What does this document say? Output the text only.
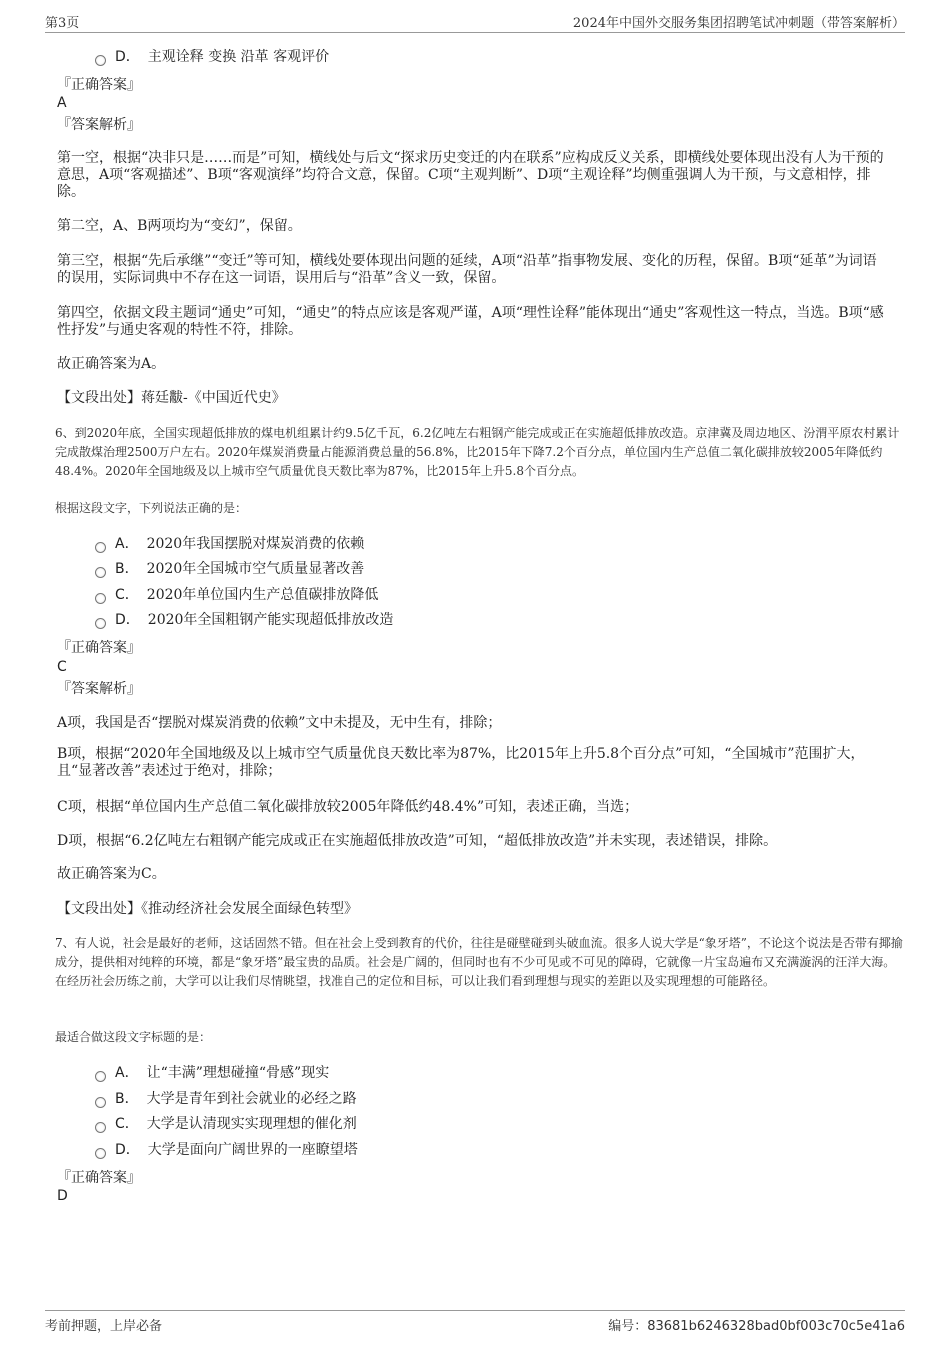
第3页	2024年中国外交服务集团招聘笔试冲刺题（带答案解析）
D． 主观诠释 变换 沿革 客观评价
『正确答案』
A
『答案解析』
第一空，根据“决非只是……而是”可知，横线处与后文“探求历史变迁的内在联系”应构成反义关系，即横线处要体现出没有人为干预的意思，A项“客观描述”、B项“客观演绎”均符合文意，保留。C项“主观判断”、D项“主观诠释”均侧重强调人为干预，与文意相悖，排除。
第二空，A、B两项均为“变幻”，保留。
第三空，根据“先后承继”“变迁”等可知，横线处要体现出问题的延续，A项“沿革”指事物发展、变化的历程，保留。B项“延革”为词语的误用，实际词典中不存在这一词语，误用后与“沿革”含义一致，保留。
第四空，依据文段主题词“通史”可知，“通史”的特点应该是客观严谨，A项“理性诠释”能体现出“通史”客观性这一特点，当选。B项“感性抒发”与通史客观的特性不符，排除。
故正确答案为A。
【文段出处】蒋廷黻-《中国近代史》
6、到2020年底，全国实现超低排放的煤电机组累计约9.5亿千瓦，6.2亿吨左右粗钢产能完成或正在实施超低排放改造。京津冀及周边地区、汾渭平原农村累计完成散煤治理2500万户左右。2020年煤炭消费量占能源消费总量的56.8%，比2015年下降7.2个百分点，单位国内生产总值二氧化碳排放较2005年降低约48.4%。2020年全国地级及以上城市空气质量优良天数比率为87%，比2015年上升5.8个百分点。
根据这段文字，下列说法正确的是：
A． 2020年我国摆脱对煤炭消费的依赖
B． 2020年全国城市空气质量显著改善
C． 2020年单位国内生产总值碳排放降低
D． 2020年全国粗钢产能实现超低排放改造
『正确答案』
C
『答案解析』
A项，我国是否“摆脱对煤炭消费的依赖”文中未提及，无中生有，排除；
B项，根据“2020年全国地级及以上城市空气质量优良天数比率为87%，比2015年上升5.8个百分点”可知，“全国城市”范围扩大，且“显著改善”表述过于绝对，排除；
C项，根据“单位国内生产总值二氧化碳排放较2005年降低约48.4%”可知，表述正确，当选；
D项，根据“6.2亿吨左右粗钢产能完成或正在实施超低排放改造”可知，“超低排放改造”并未实现，表述错误，排除。
故正确答案为C。
【文段出处】《推动经济社会发展全面绿色转型》
7、有人说，社会是最好的老师，这话固然不错。但在社会上受到教育的代价，往往是碰壁碰到头破血流。很多人说大学是“象牙塔”，不论这个说法是否带有揶揄成分，提供相对纯粹的环境，都是“象牙塔”最宝贵的品质。社会是广阔的，但同时也有不少可见或不可见的障碍，它就像一片宝岛遍布又充满漩涡的汪洋大海。在经历社会历练之前，大学可以让我们尽情眺望，找准自己的定位和目标，可以让我们看到理想与现实的差距以及实现理想的可能路径。
最适合做这段文字标题的是：
A． 让“丰满”理想碰撞“骨感”现实
B． 大学是青年到社会就业的必经之路
C． 大学是认清现实实现理想的催化剂
D． 大学是面向广阔世界的一座瞭望塔
『正确答案』
D
考前押题，上岸必备	编号：83681b6246328bad0bf003c70c5e41a6
